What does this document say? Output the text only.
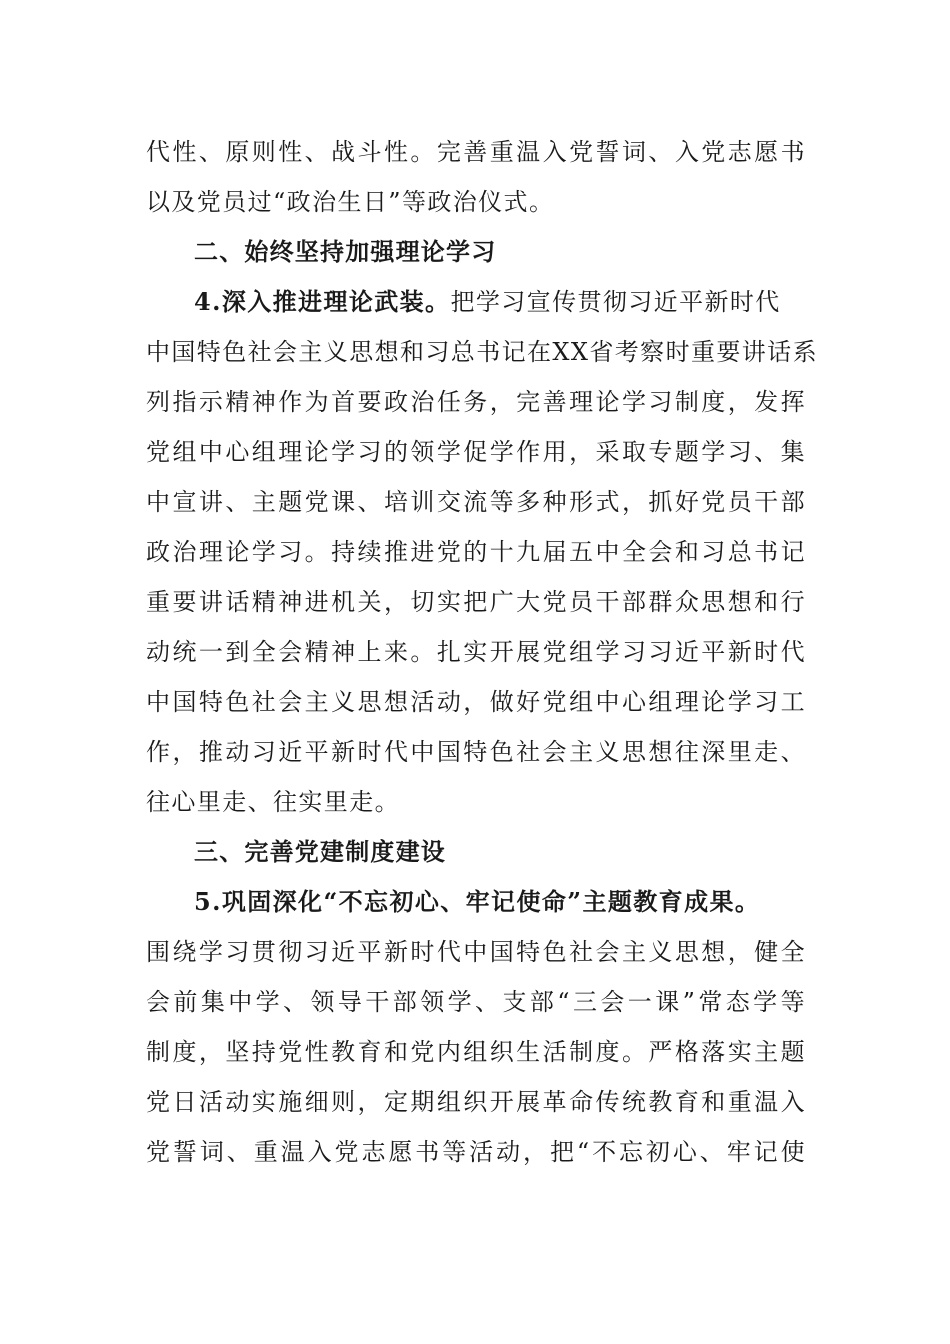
代性、原则性、战斗性。完善重温入党誓词、入党志愿书
以及党员过“政治生日”等政治仪式。
二、始终坚持加强理论学习
4.深入推进理论武装。把学习宣传贯彻习近平新时代
中国特色社会主义思想和习总书记在XX省考察时重要讲话系
列指示精神作为首要政治任务，完善理论学习制度，发挥
党组中心组理论学习的领学促学作用，采取专题学习、集
中宣讲、主题党课、培训交流等多种形式，抓好党员干部
政治理论学习。持续推进党的十九届五中全会和习总书记
重要讲话精神进机关，切实把广大党员干部群众思想和行
动统一到全会精神上来。扎实开展党组学习习近平新时代
中国特色社会主义思想活动，做好党组中心组理论学习工
作，推动习近平新时代中国特色社会主义思想往深里走、
往心里走、往实里走。
三、完善党建制度建设
5.巩固深化“不忘初心、牢记使命”主题教育成果。
围绕学习贯彻习近平新时代中国特色社会主义思想，健全
会前集中学、领导干部领学、支部“三会一课”常态学等
制度，坚持党性教育和党内组织生活制度。严格落实主题
党日活动实施细则，定期组织开展革命传统教育和重温入
党誓词、重温入党志愿书等活动，把“不忘初心、牢记使
